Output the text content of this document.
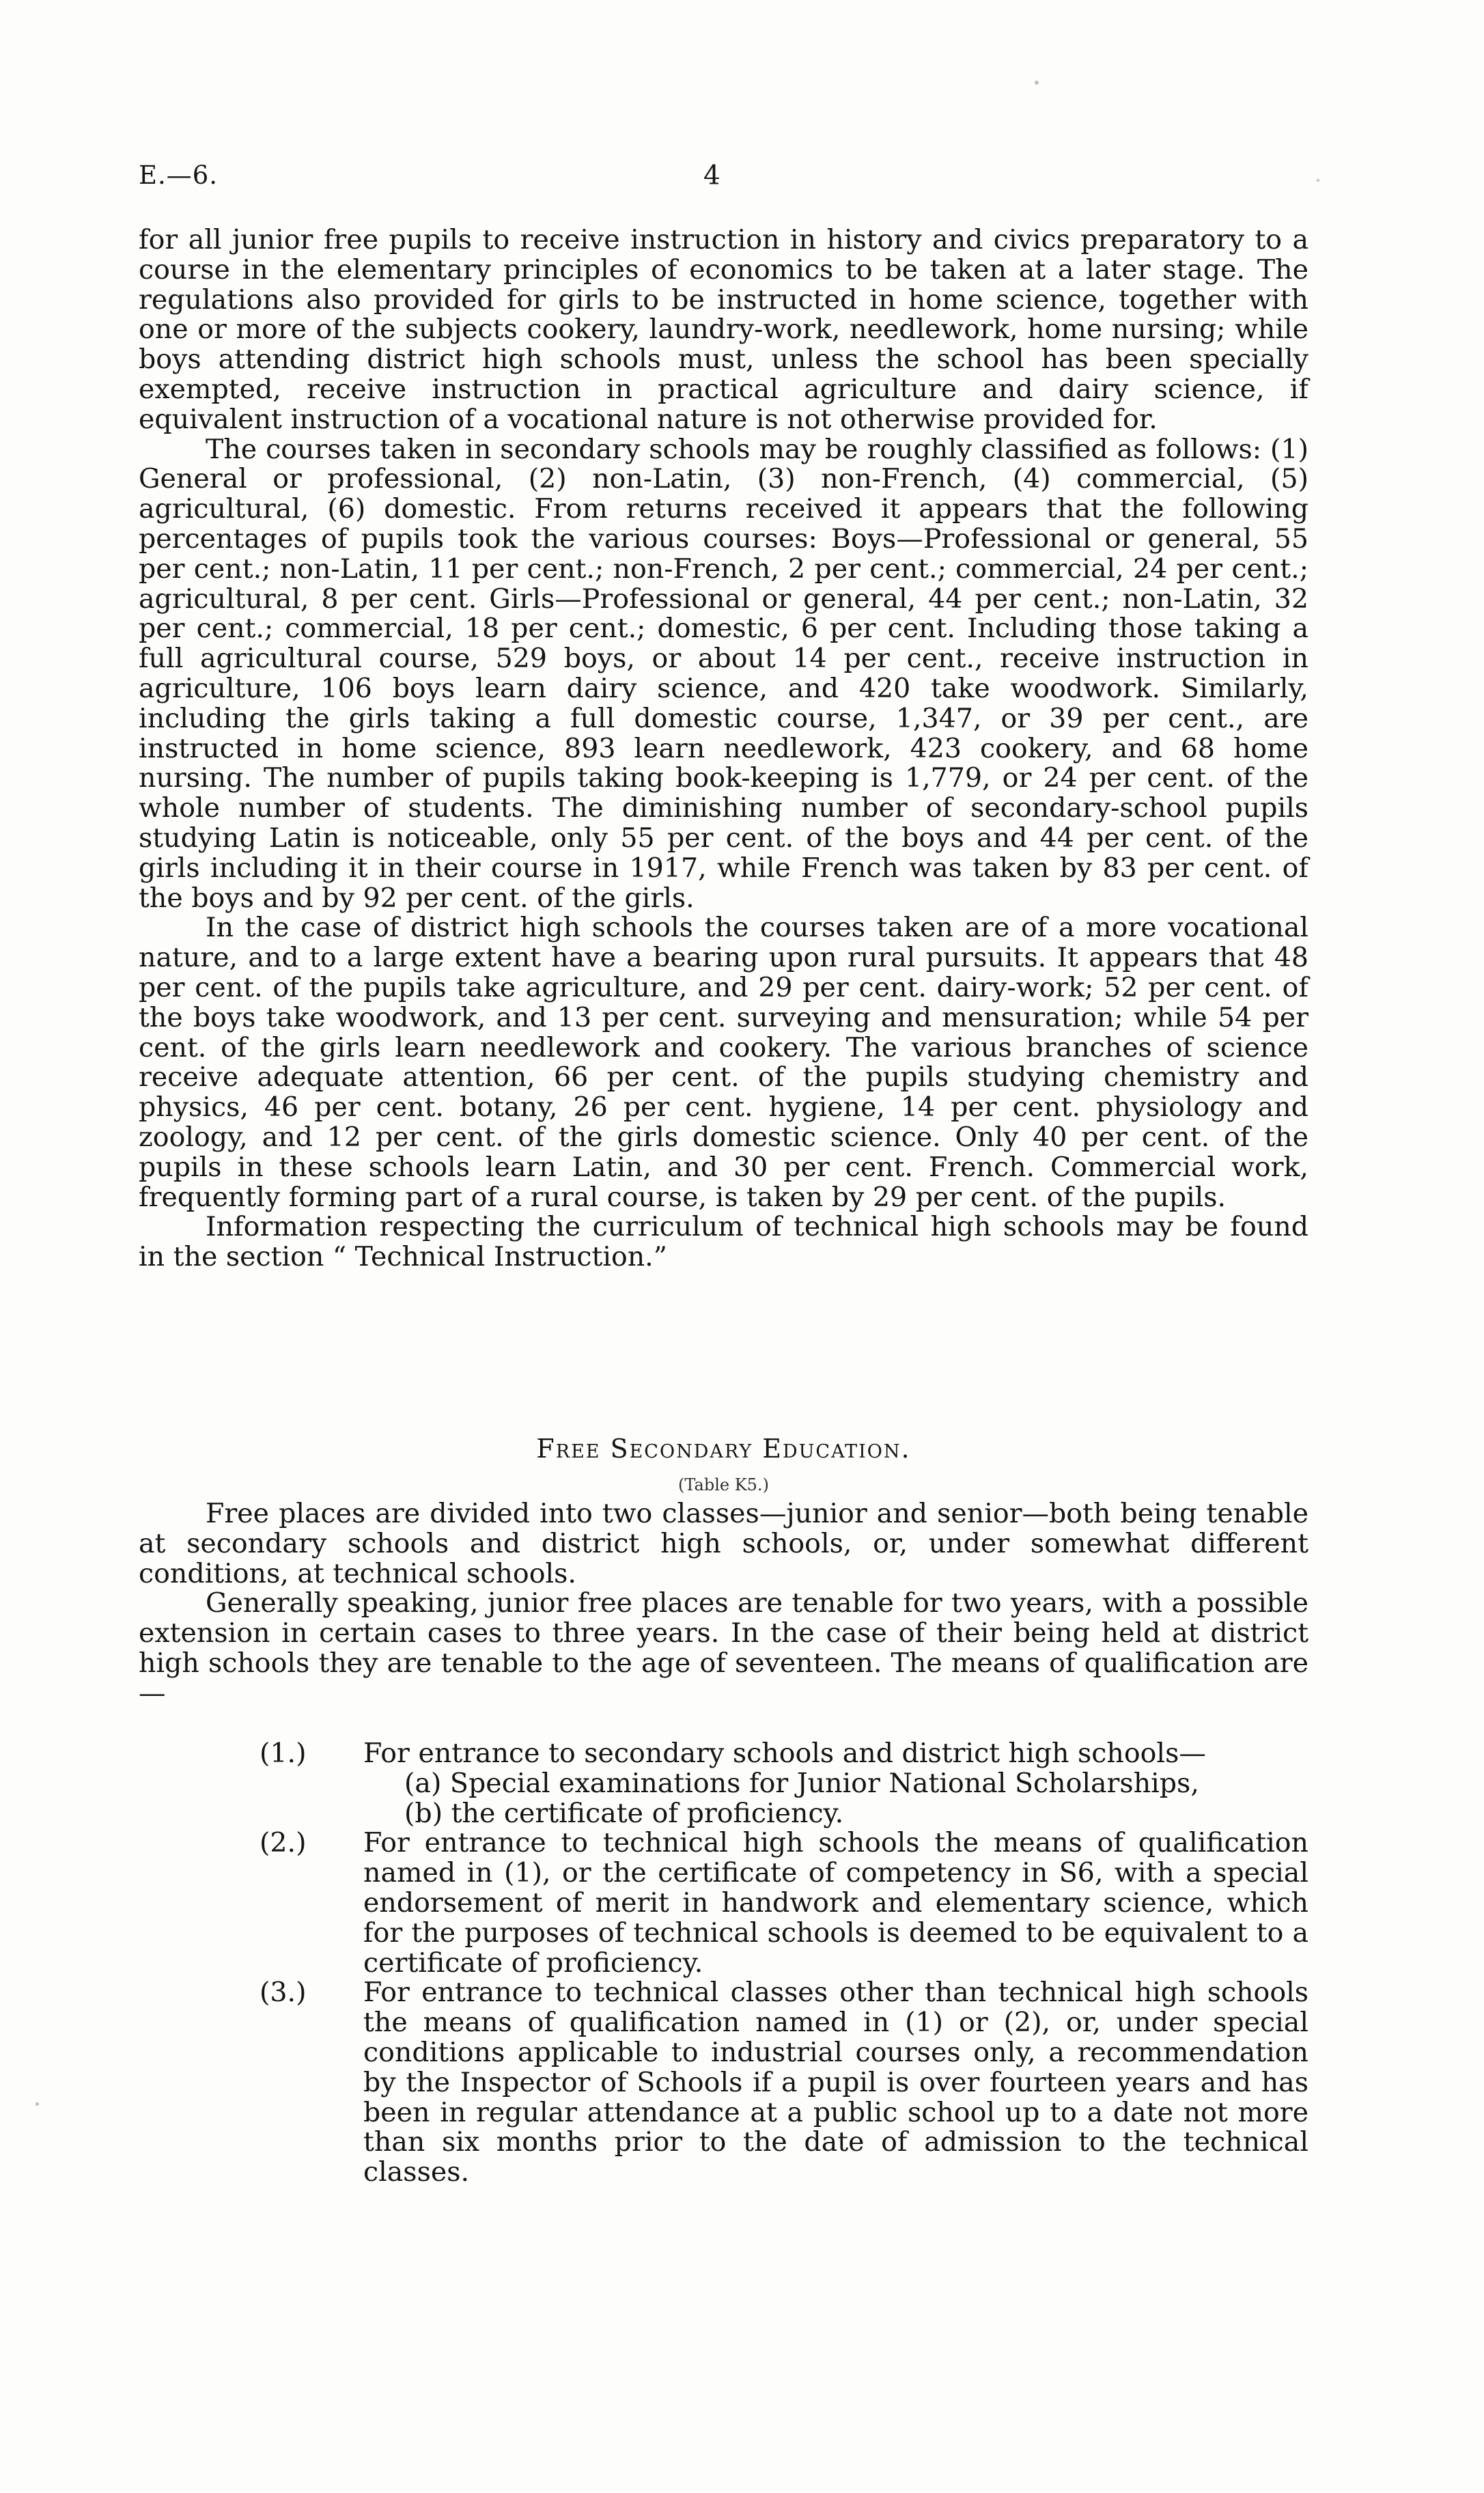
E.—6.	4

for all junior free pupils to receive instruction in history and civics preparatory to a course in the elementary principles of economics to be taken at a later stage. The regulations also provided for girls to be instructed in home science, together with one or more of the subjects cookery, laundry-work, needlework, home nursing; while boys attending district high schools must, unless the school has been specially exempted, receive instruction in practical agriculture and dairy science, if equivalent instruction of a vocational nature is not otherwise provided for.

The courses taken in secondary schools may be roughly classified as follows: (1) General or professional, (2) non-Latin, (3) non-French, (4) commercial, (5) agricultural, (6) domestic. From returns received it appears that the following percentages of pupils took the various courses: Boys—Professional or general, 55 per cent.; non-Latin, 11 per cent.; non-French, 2 per cent.; commercial, 24 per cent.; agricultural, 8 per cent. Girls—Professional or general, 44 per cent.; non-Latin, 32 per cent.; commercial, 18 per cent.; domestic, 6 per cent. Including those taking a full agricultural course, 529 boys, or about 14 per cent., receive instruction in agriculture, 106 boys learn dairy science, and 420 take woodwork. Similarly, including the girls taking a full domestic course, 1,347, or 39 per cent., are instructed in home science, 893 learn needlework, 423 cookery, and 68 home nursing. The number of pupils taking book-keeping is 1,779, or 24 per cent. of the whole number of students. The diminishing number of secondary-school pupils studying Latin is noticeable, only 55 per cent. of the boys and 44 per cent. of the girls including it in their course in 1917, while French was taken by 83 per cent. of the boys and by 92 per cent. of the girls.

In the case of district high schools the courses taken are of a more vocational nature, and to a large extent have a bearing upon rural pursuits. It appears that 48 per cent. of the pupils take agriculture, and 29 per cent. dairy-work; 52 per cent. of the boys take woodwork, and 13 per cent. surveying and mensuration; while 54 per cent. of the girls learn needlework and cookery. The various branches of science receive adequate attention, 66 per cent. of the pupils studying chemistry and physics, 46 per cent. botany, 26 per cent. hygiene, 14 per cent. physiology and zoology, and 12 per cent. of the girls domestic science. Only 40 per cent. of the pupils in these schools learn Latin, and 30 per cent. French. Commercial work, frequently forming part of a rural course, is taken by 29 per cent. of the pupils.

Information respecting the curriculum of technical high schools may be found in the section “ Technical Instruction.”

Free Secondary Education.
(Table K5.)

Free places are divided into two classes—junior and senior—both being tenable at secondary schools and district high schools, or, under somewhat different conditions, at technical schools.

Generally speaking, junior free places are tenable for two years, with a possible extension in certain cases to three years. In the case of their being held at district high schools they are tenable to the age of seventeen. The means of qualification are—

(1.) For entrance to secondary schools and district high schools—
(a) Special examinations for Junior National Scholarships,
(b) the certificate of proficiency.
(2.) For entrance to technical high schools the means of qualification named in (1), or the certificate of competency in S6, with a special endorsement of merit in handwork and elementary science, which for the purposes of technical schools is deemed to be equivalent to a certificate of proficiency.
(3.) For entrance to technical classes other than technical high schools the means of qualification named in (1) or (2), or, under special conditions applicable to industrial courses only, a recommendation by the Inspector of Schools if a pupil is over fourteen years and has been in regular attendance at a public school up to a date not more than six months prior to the date of admission to the technical classes.
